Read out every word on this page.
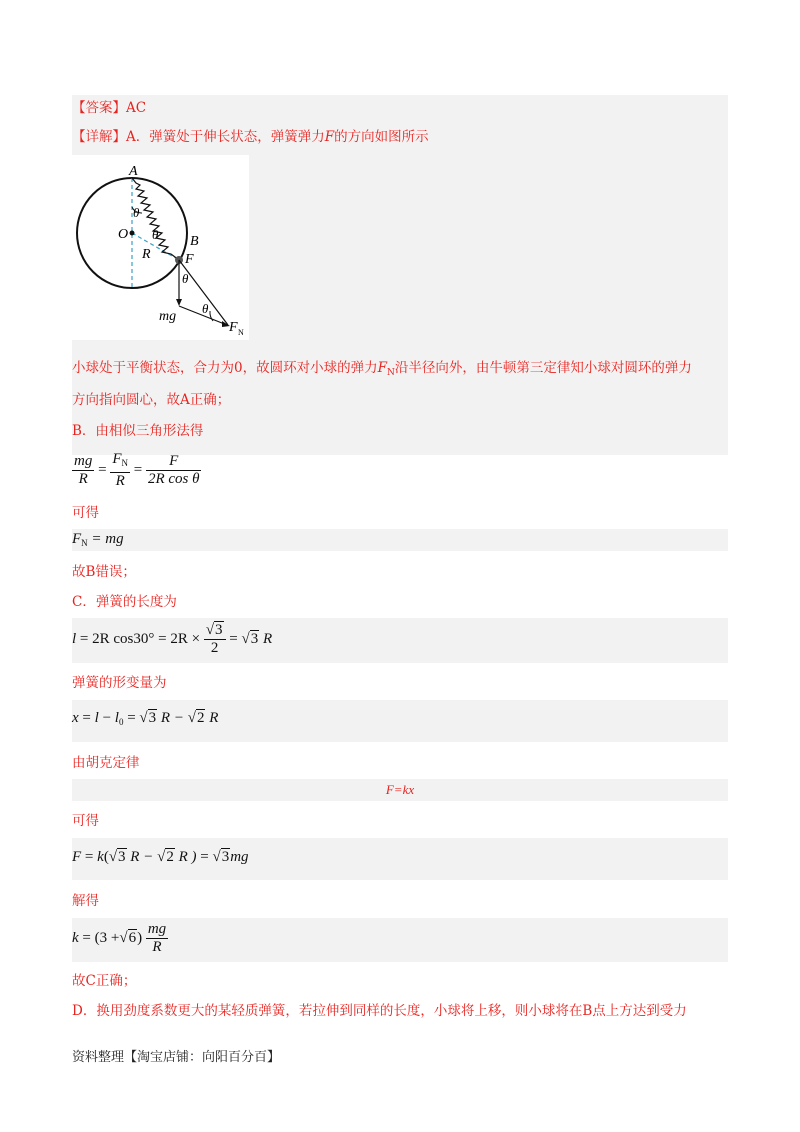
【答案】AC
【详解】A．弹簧处于伸长状态，弹簧弹力F的方向如图所示
A
O	B
R F
θ
θ
θ
θ
mg
F N
小球处于平衡状态，合力为0，故圆环对小球的弹力$F_N$沿半径向外，由牛顿第三定律知小球对圆环的弹力
方向指向圆心，故A正确；
B．由相似三角形法得
$\frac{mg}{R} = \frac{F_N}{R} = \frac{F}{\text{2R cos θ}}$
可得
$F_N$ = mg
故B错误；
C．弹簧的长度为
l = 2R $\cos 30^\circ = 2R \times \frac{√3}{2} = √3$ R
弹簧的形变量为
$x = l - l_0 = √3$ R − √2 R
由胡克定律
F=kx
可得
F = k(√3 R − √2 R ) = √3mg
解得
$k = (3 +√6) \frac{mg}{R}$
故C正确；
D．换用劲度系数更大的某轻质弹簧，若拉伸到同样的长度，小球将上移，则小球将在B点上方达到受力
资料整理【淘宝店铺：向阳百分百】
